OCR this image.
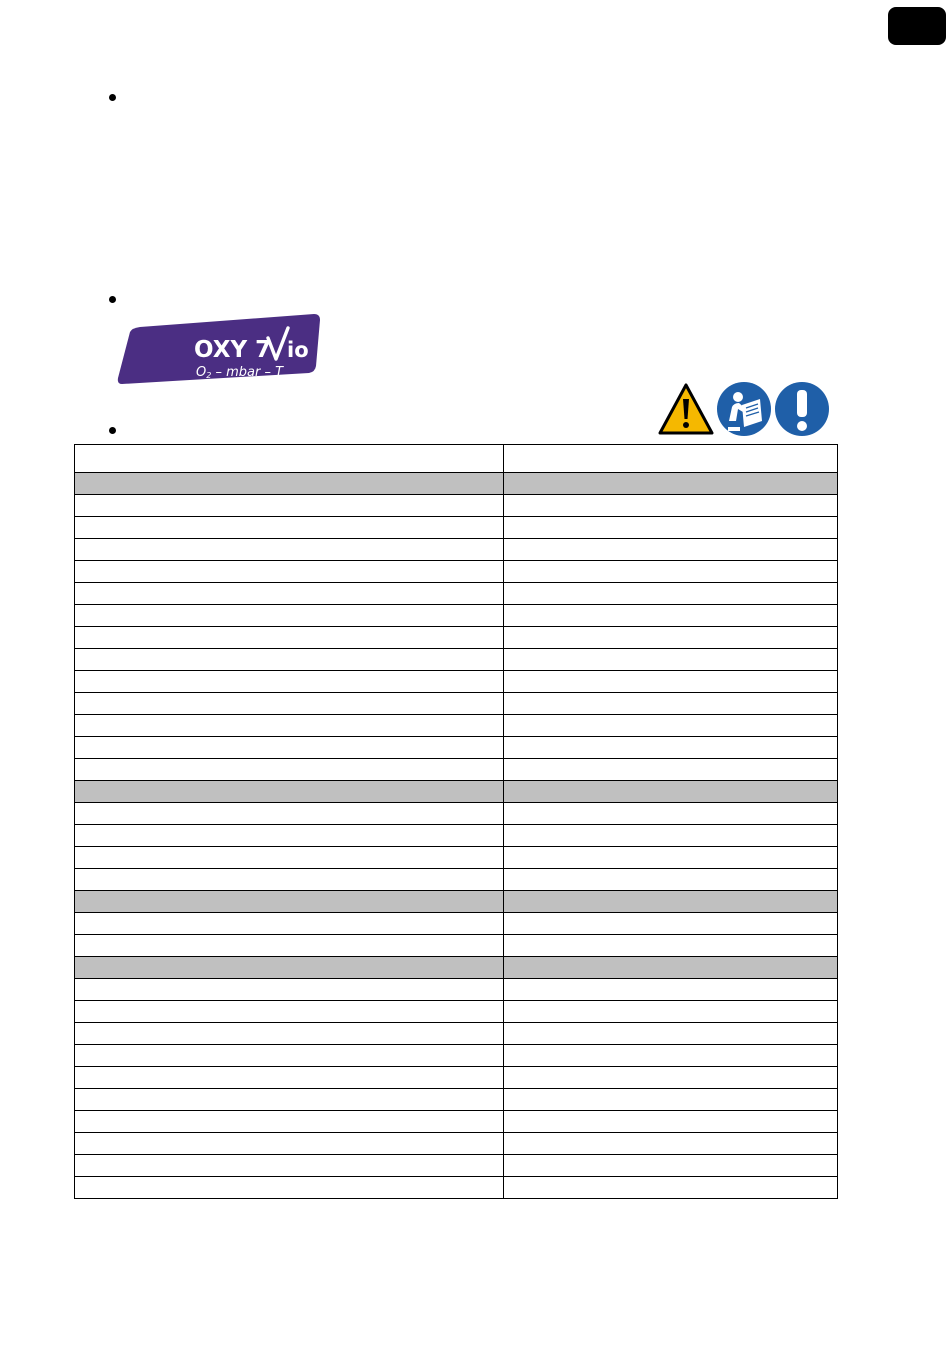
OXY 7 io
O2 – mbar – T
